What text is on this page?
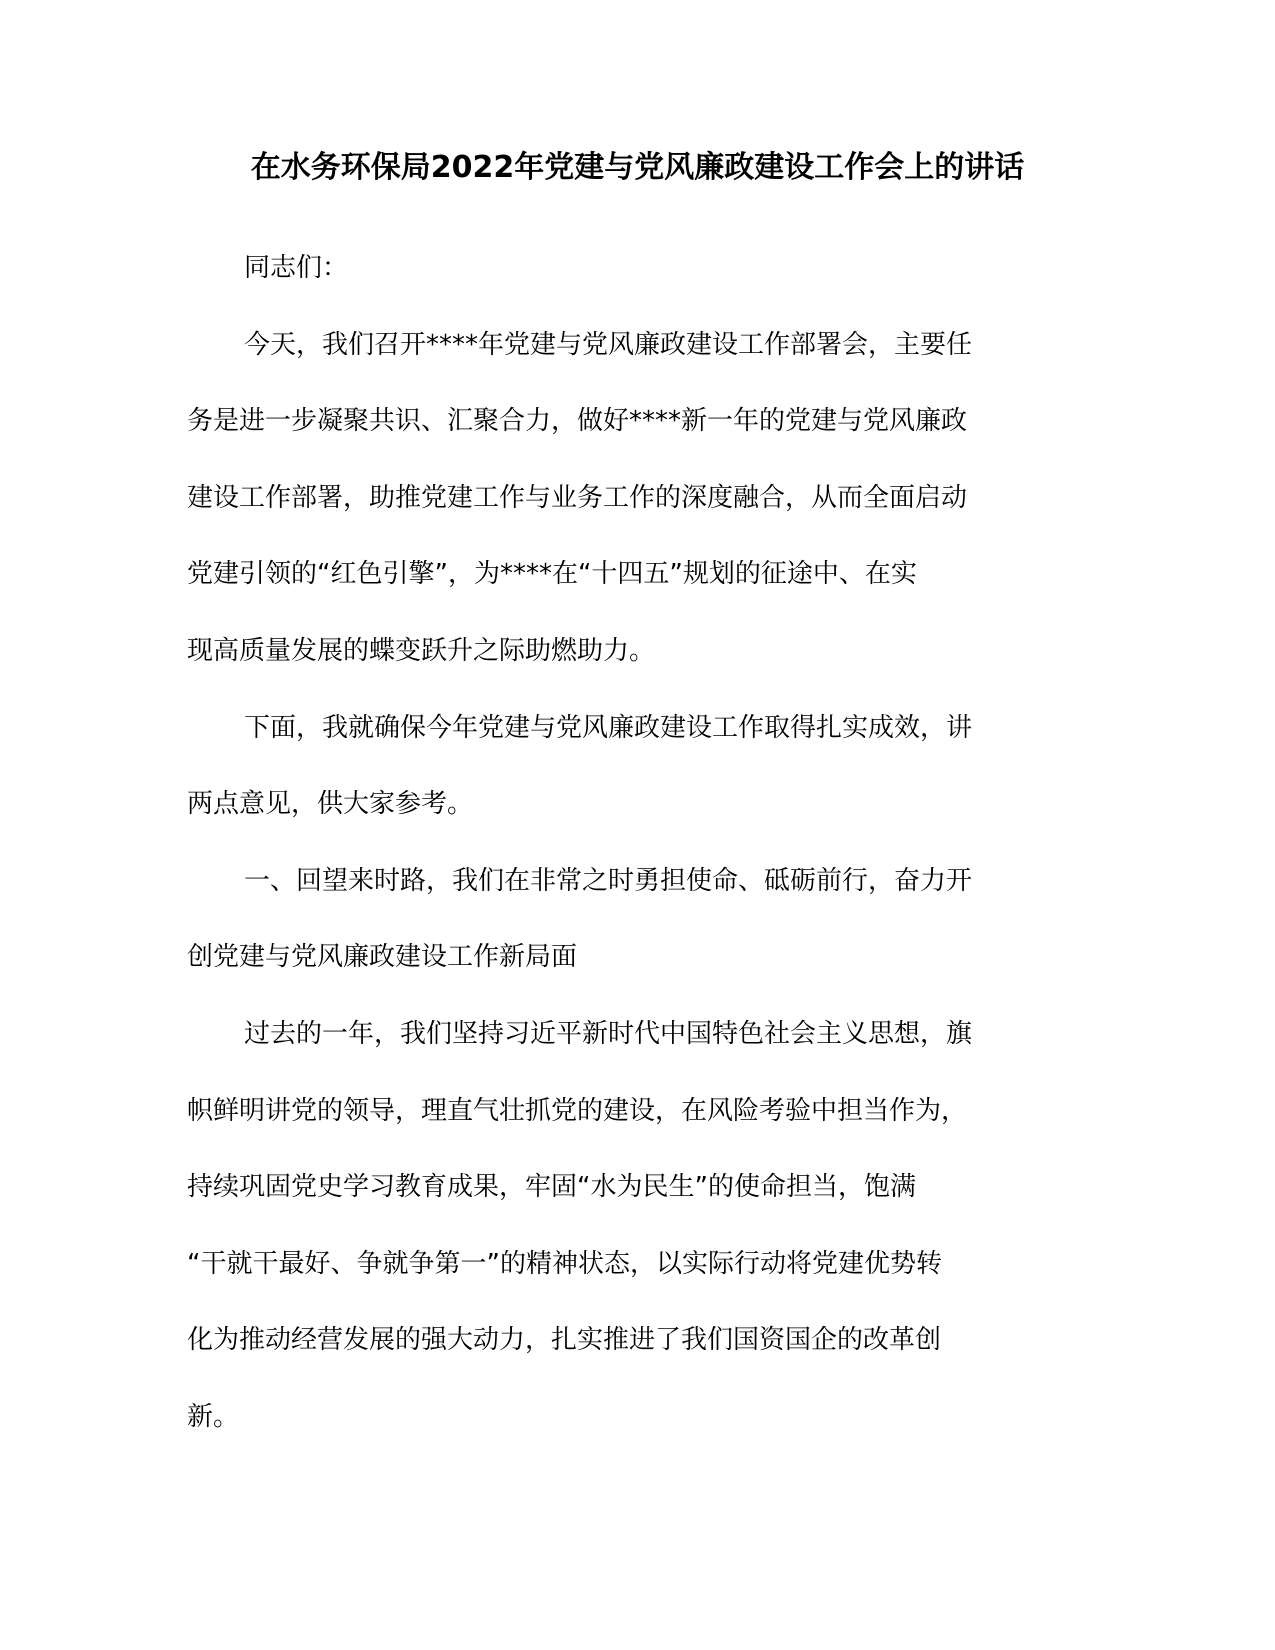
在水务环保局2022年党建与党风廉政建设工作会上的讲话
同志们：
今天，我们召开****年党建与党风廉政建设工作部署会，主要任
务是进一步凝聚共识、汇聚合力，做好****新一年的党建与党风廉政
建设工作部署，助推党建工作与业务工作的深度融合，从而全面启动
党建引领的“红色引擎”，为****在“十四五”规划的征途中、在实
现高质量发展的蝶变跃升之际助燃助力。
下面，我就确保今年党建与党风廉政建设工作取得扎实成效，讲
两点意见，供大家参考。
一、回望来时路，我们在非常之时勇担使命、砥砺前行，奋力开
创党建与党风廉政建设工作新局面
过去的一年，我们坚持习近平新时代中国特色社会主义思想，旗
帜鲜明讲党的领导，理直气壮抓党的建设，在风险考验中担当作为，
持续巩固党史学习教育成果，牢固“水为民生”的使命担当，饱满
“干就干最好、争就争第一”的精神状态，以实际行动将党建优势转
化为推动经营发展的强大动力，扎实推进了我们国资国企的改革创
新。
